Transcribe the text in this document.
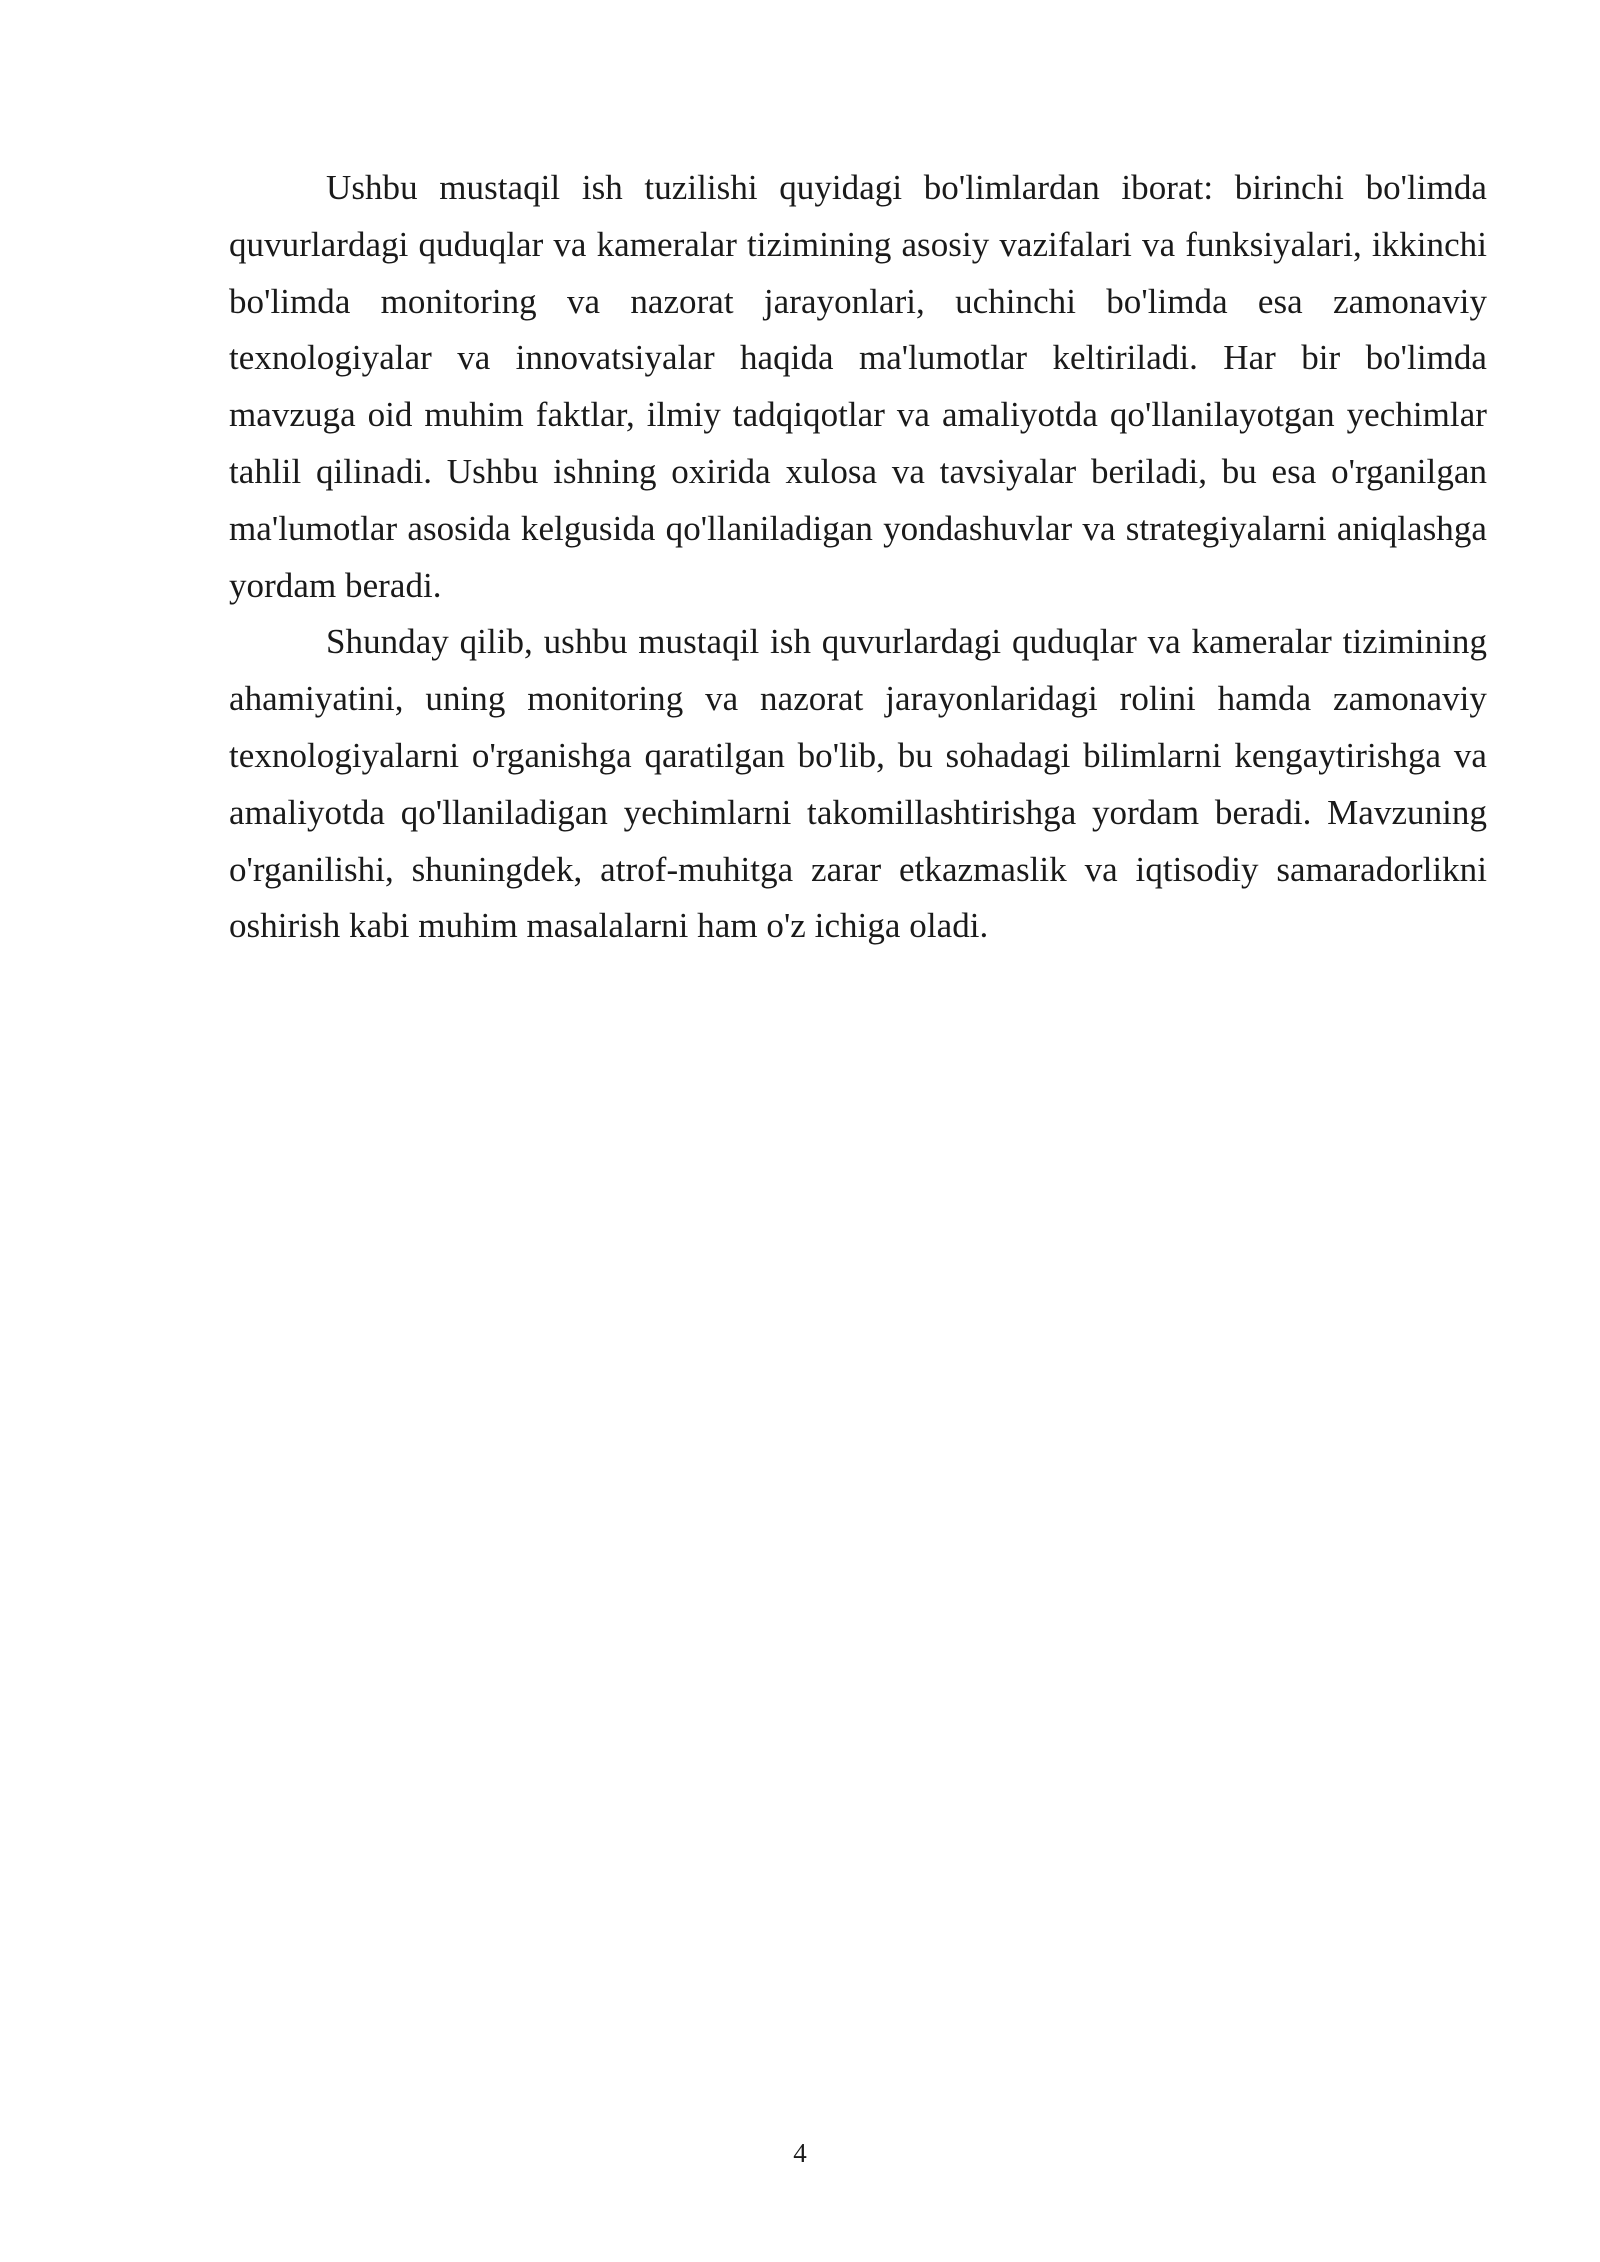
Ushbu mustaqil ish tuzilishi quyidagi bo'limlardan iborat: birinchi bo'limda quvurlardagi quduqlar va kameralar tizimining asosiy vazifalari va funksiyalari, ikkinchi bo'limda monitoring va nazorat jarayonlari, uchinchi bo'limda esa zamonaviy texnologiyalar va innovatsiyalar haqida ma'lumotlar keltiriladi. Har bir bo'limda mavzuga oid muhim faktlar, ilmiy tadqiqotlar va amaliyotda qo'llanilayotgan yechimlar tahlil qilinadi. Ushbu ishning oxirida xulosa va tavsiyalar beriladi, bu esa o'rganilgan ma'lumotlar asosida kelgusida qo'llaniladigan yondashuvlar va strategiyalarni aniqlashga yordam beradi.

Shunday qilib, ushbu mustaqil ish quvurlardagi quduqlar va kameralar tizimining ahamiyatini, uning monitoring va nazorat jarayonlaridagi rolini hamda zamonaviy texnologiyalarni o'rganishga qaratilgan bo'lib, bu sohadagi bilimlarni kengaytirishga va amaliyotda qo'llaniladigan yechimlarni takomillashtirishga yordam beradi. Mavzuning o'rganilishi, shuningdek, atrof-muhitga zarar etkazmaslik va iqtisodiy samaradorlikni oshirish kabi muhim masalalarni ham o'z ichiga oladi.

4
